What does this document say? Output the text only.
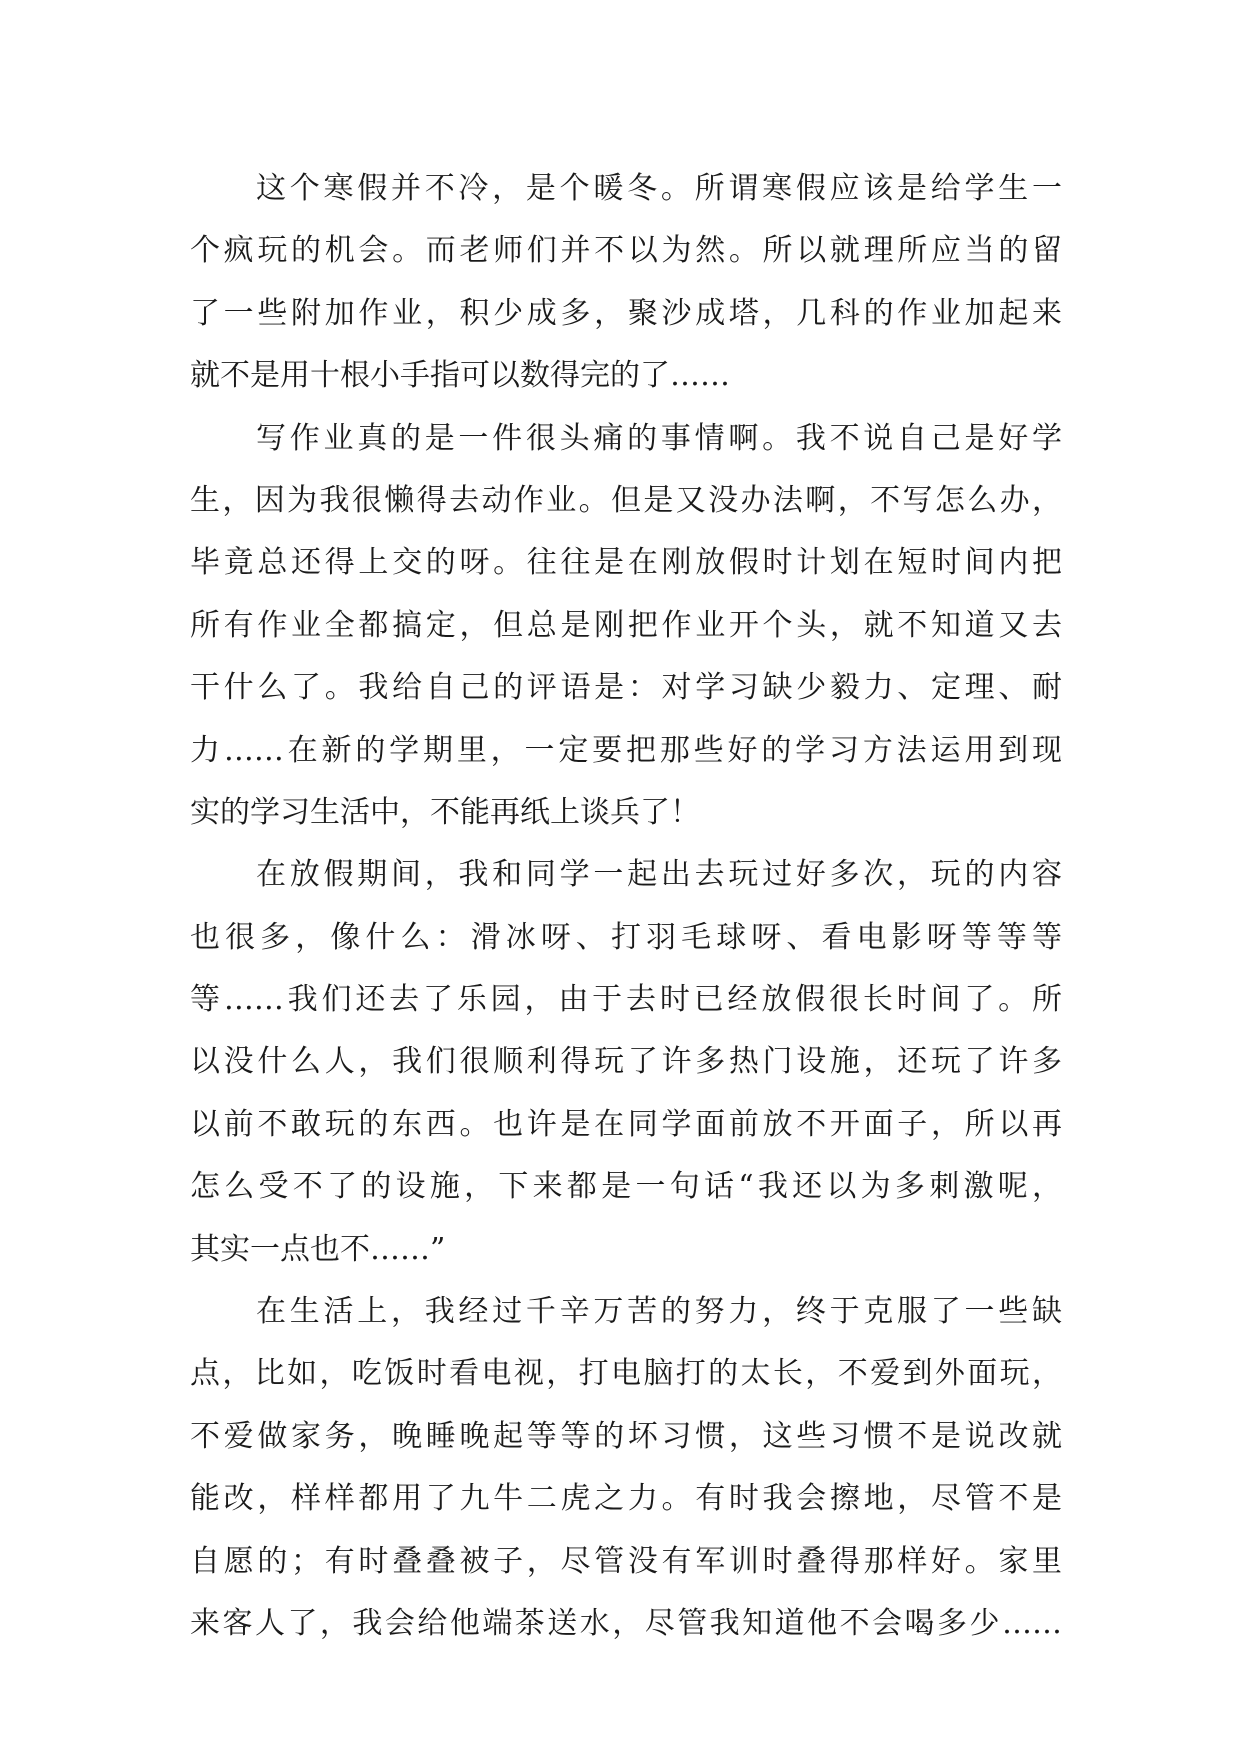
这个寒假并不冷，是个暖冬。所谓寒假应该是给学生一
个疯玩的机会。而老师们并不以为然。所以就理所应当的留
了一些附加作业，积少成多，聚沙成塔，几科的作业加起来
就不是用十根小手指可以数得完的了……
写作业真的是一件很头痛的事情啊。我不说自己是好学
生，因为我很懒得去动作业。但是又没办法啊，不写怎么办，
毕竟总还得上交的呀。往往是在刚放假时计划在短时间内把
所有作业全都搞定，但总是刚把作业开个头，就不知道又去
干什么了。我给自己的评语是：对学习缺少毅力、定理、耐
力……在新的学期里，一定要把那些好的学习方法运用到现
实的学习生活中，不能再纸上谈兵了！
在放假期间，我和同学一起出去玩过好多次，玩的内容
也很多，像什么：滑冰呀、打羽毛球呀、看电影呀等等等
等……我们还去了乐园，由于去时已经放假很长时间了。所
以没什么人，我们很顺利得玩了许多热门设施，还玩了许多
以前不敢玩的东西。也许是在同学面前放不开面子，所以再
怎么受不了的设施，下来都是一句话“我还以为多刺激呢，
其实一点也不……”
在生活上，我经过千辛万苦的努力，终于克服了一些缺
点，比如，吃饭时看电视，打电脑打的太长，不爱到外面玩，
不爱做家务，晚睡晚起等等的坏习惯，这些习惯不是说改就
能改，样样都用了九牛二虎之力。有时我会擦地，尽管不是
自愿的；有时叠叠被子，尽管没有军训时叠得那样好。家里
来客人了，我会给他端茶送水，尽管我知道他不会喝多少……
